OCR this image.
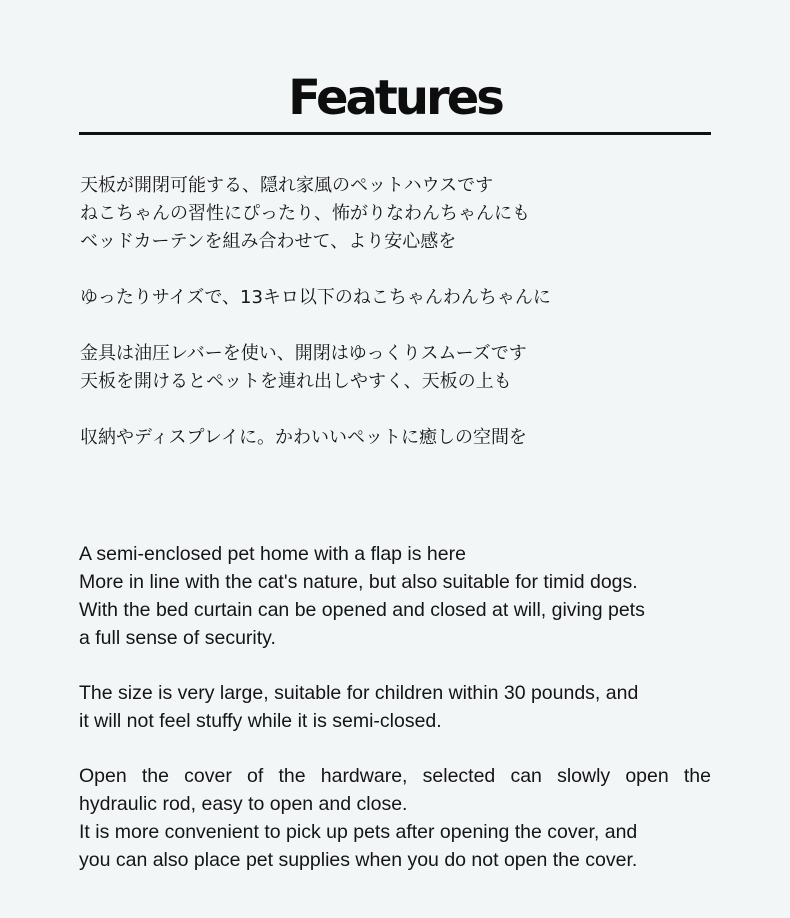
Features

天板が開閉可能する、隠れ家風のペットハウスです
ねこちゃんの習性にぴったり、怖がりなわんちゃんにも
ベッドカーテンを組み合わせて、より安心感を

ゆったりサイズで、13キロ以下のねこちゃんわんちゃんに

金具は油圧レバーを使い、開閉はゆっくりスムーズです
天板を開けるとペットを連れ出しやすく、天板の上も

収納やディスプレイに。かわいいペットに癒しの空間を

A semi-enclosed pet home with a flap is here
More in line with the cat's nature, but also suitable for timid dogs.
With the bed curtain can be opened and closed at will, giving pets
a full sense of security.

The size is very large, suitable for children within 30 pounds, and
it will not feel stuffy while it is semi-closed.

Open the cover of the hardware, selected can slowly open the
hydraulic rod, easy to open and close.
It is more convenient to pick up pets after opening the cover, and
you can also place pet supplies when you do not open the cover.
